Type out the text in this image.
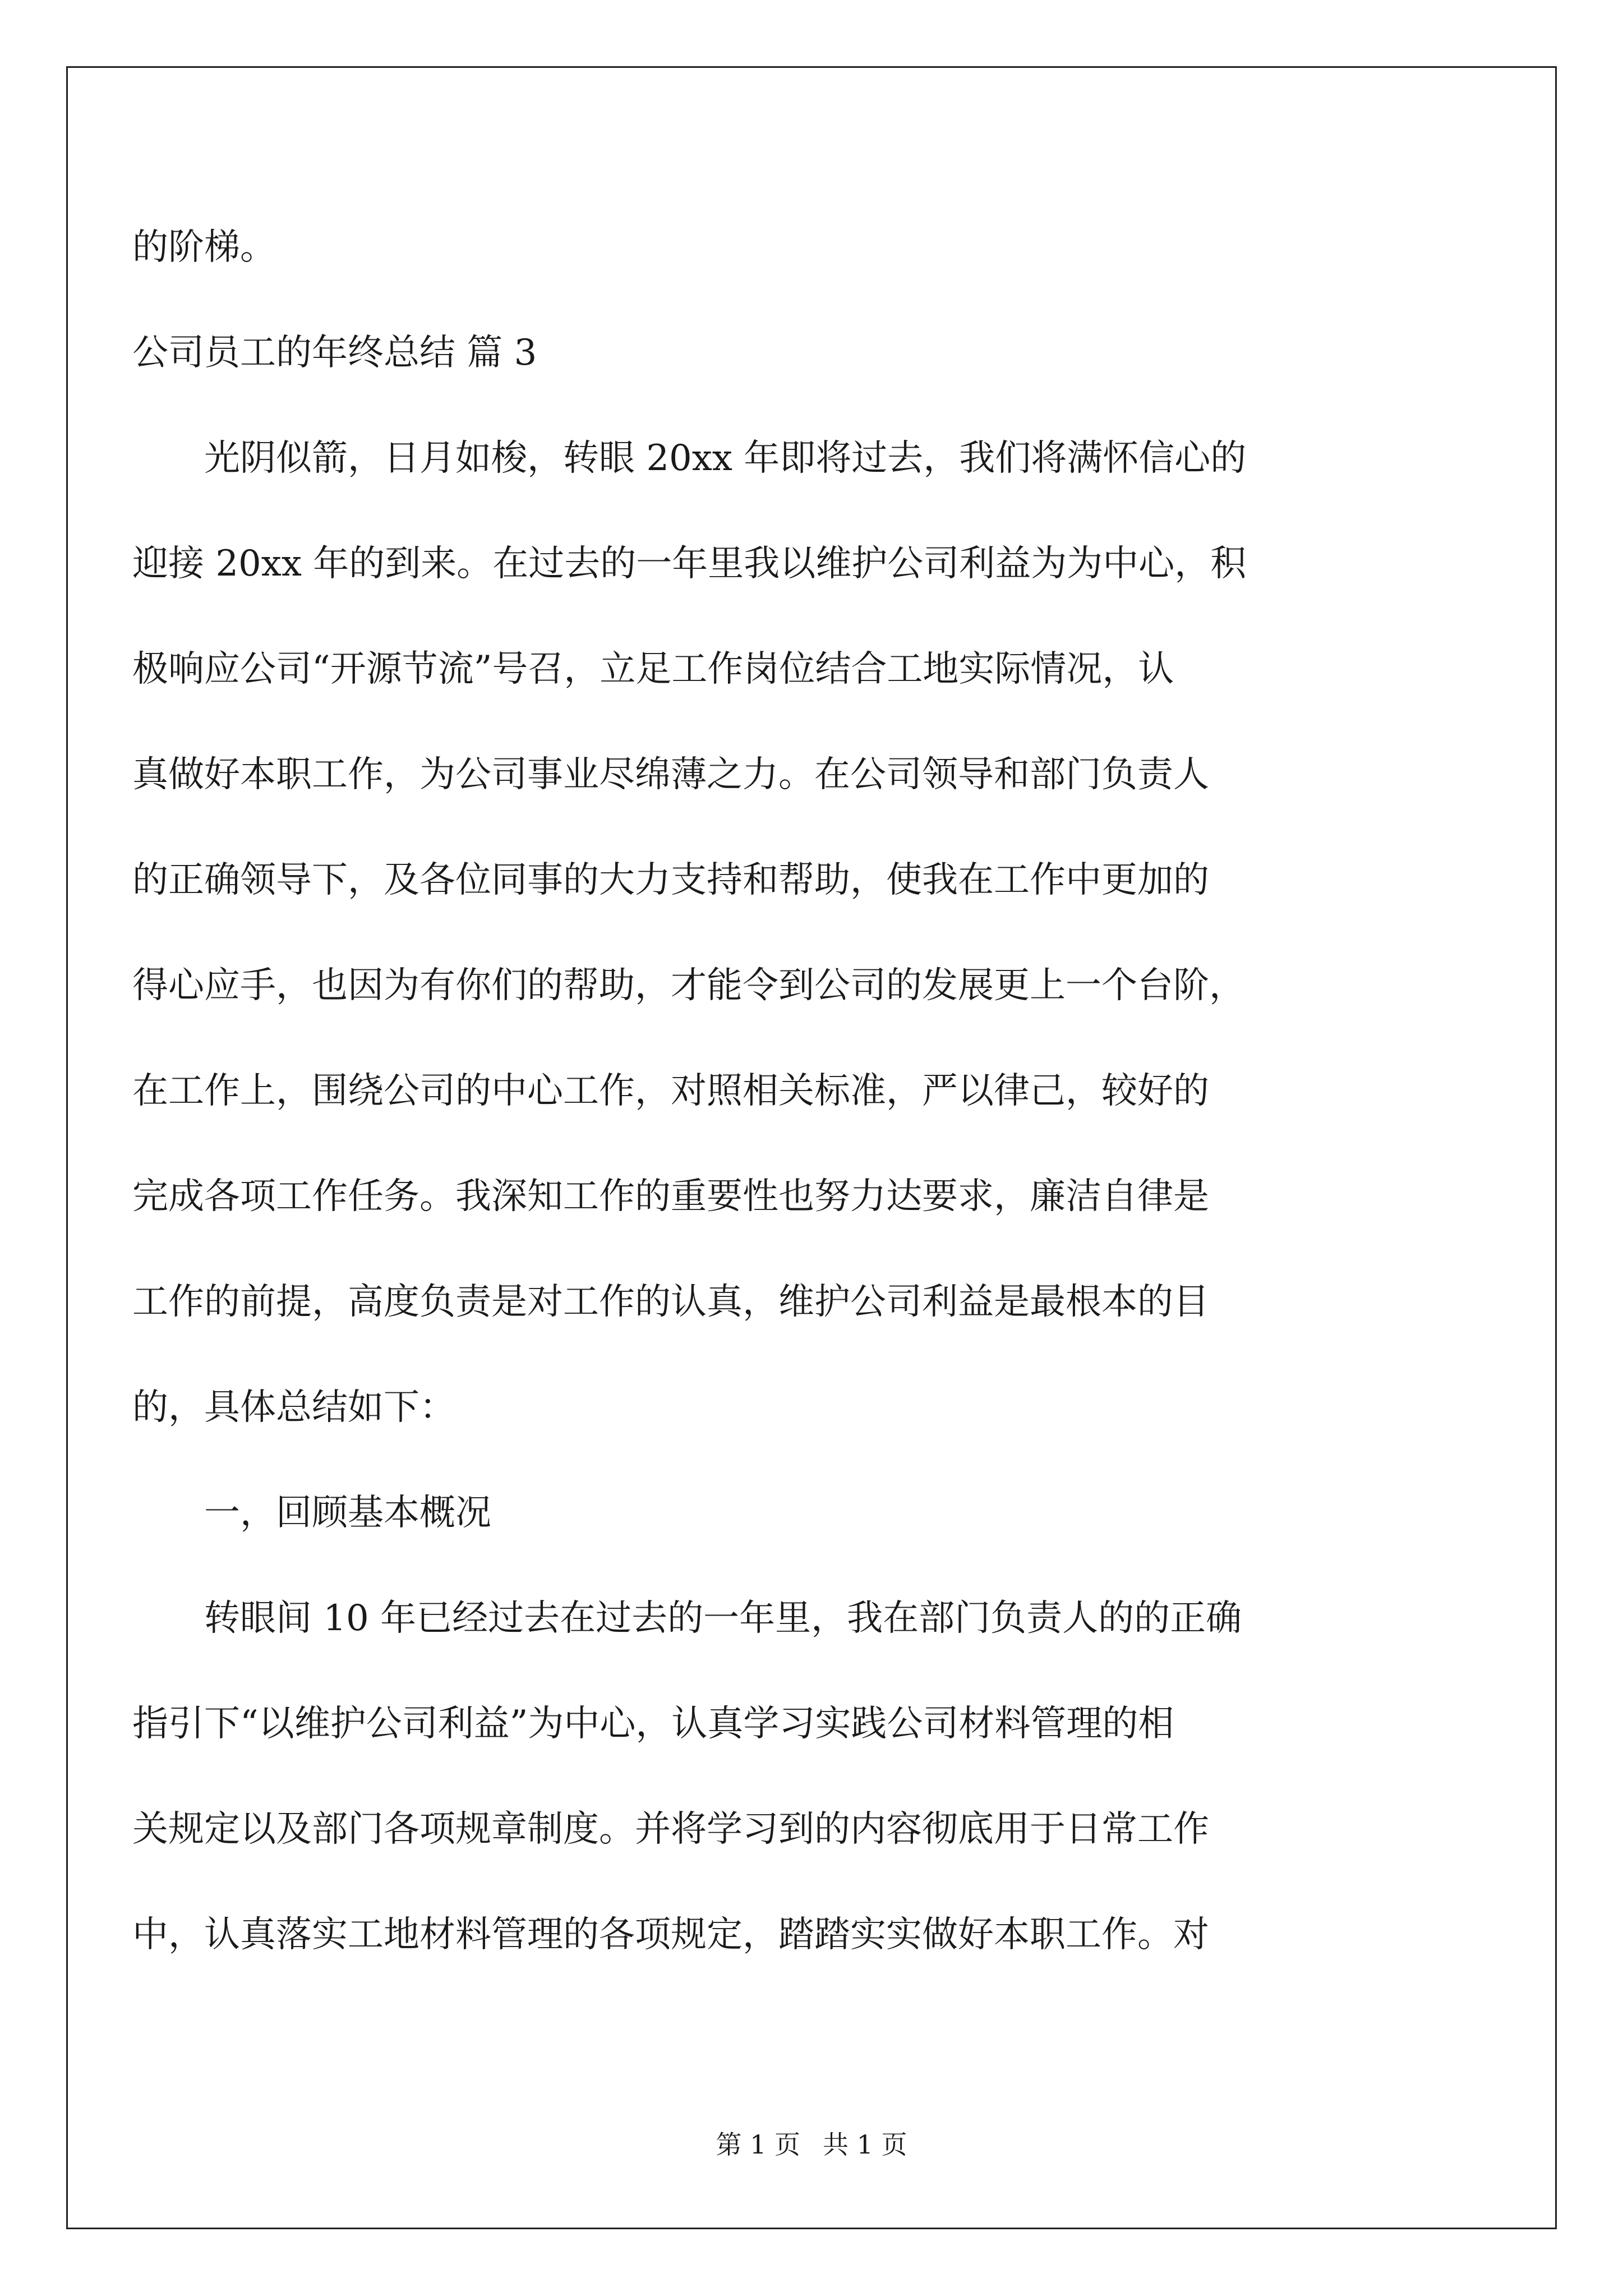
的阶梯。

公司员工的年终总结 篇 3

　　光阴似箭，日月如梭，转眼 20xx 年即将过去，我们将满怀信心的

迎接 20xx 年的到来。在过去的一年里我以维护公司利益为为中心，积

极响应公司“开源节流”号召，立足工作岗位结合工地实际情况，认

真做好本职工作，为公司事业尽绵薄之力。在公司领导和部门负责人

的正确领导下，及各位同事的大力支持和帮助，使我在工作中更加的

得心应手，也因为有你们的帮助，才能令到公司的发展更上一个台阶，

在工作上，围绕公司的中心工作，对照相关标准，严以律己，较好的

完成各项工作任务。我深知工作的重要性也努力达要求，廉洁自律是

工作的前提，高度负责是对工作的认真，维护公司利益是最根本的目

的，具体总结如下：

　　一，回顾基本概况

　　转眼间 10 年已经过去在过去的一年里，我在部门负责人的的正确

指引下“以维护公司利益”为中心，认真学习实践公司材料管理的相

关规定以及部门各项规章制度。并将学习到的内容彻底用于日常工作

中，认真落实工地材料管理的各项规定，踏踏实实做好本职工作。对

第 1 页 共 1 页
